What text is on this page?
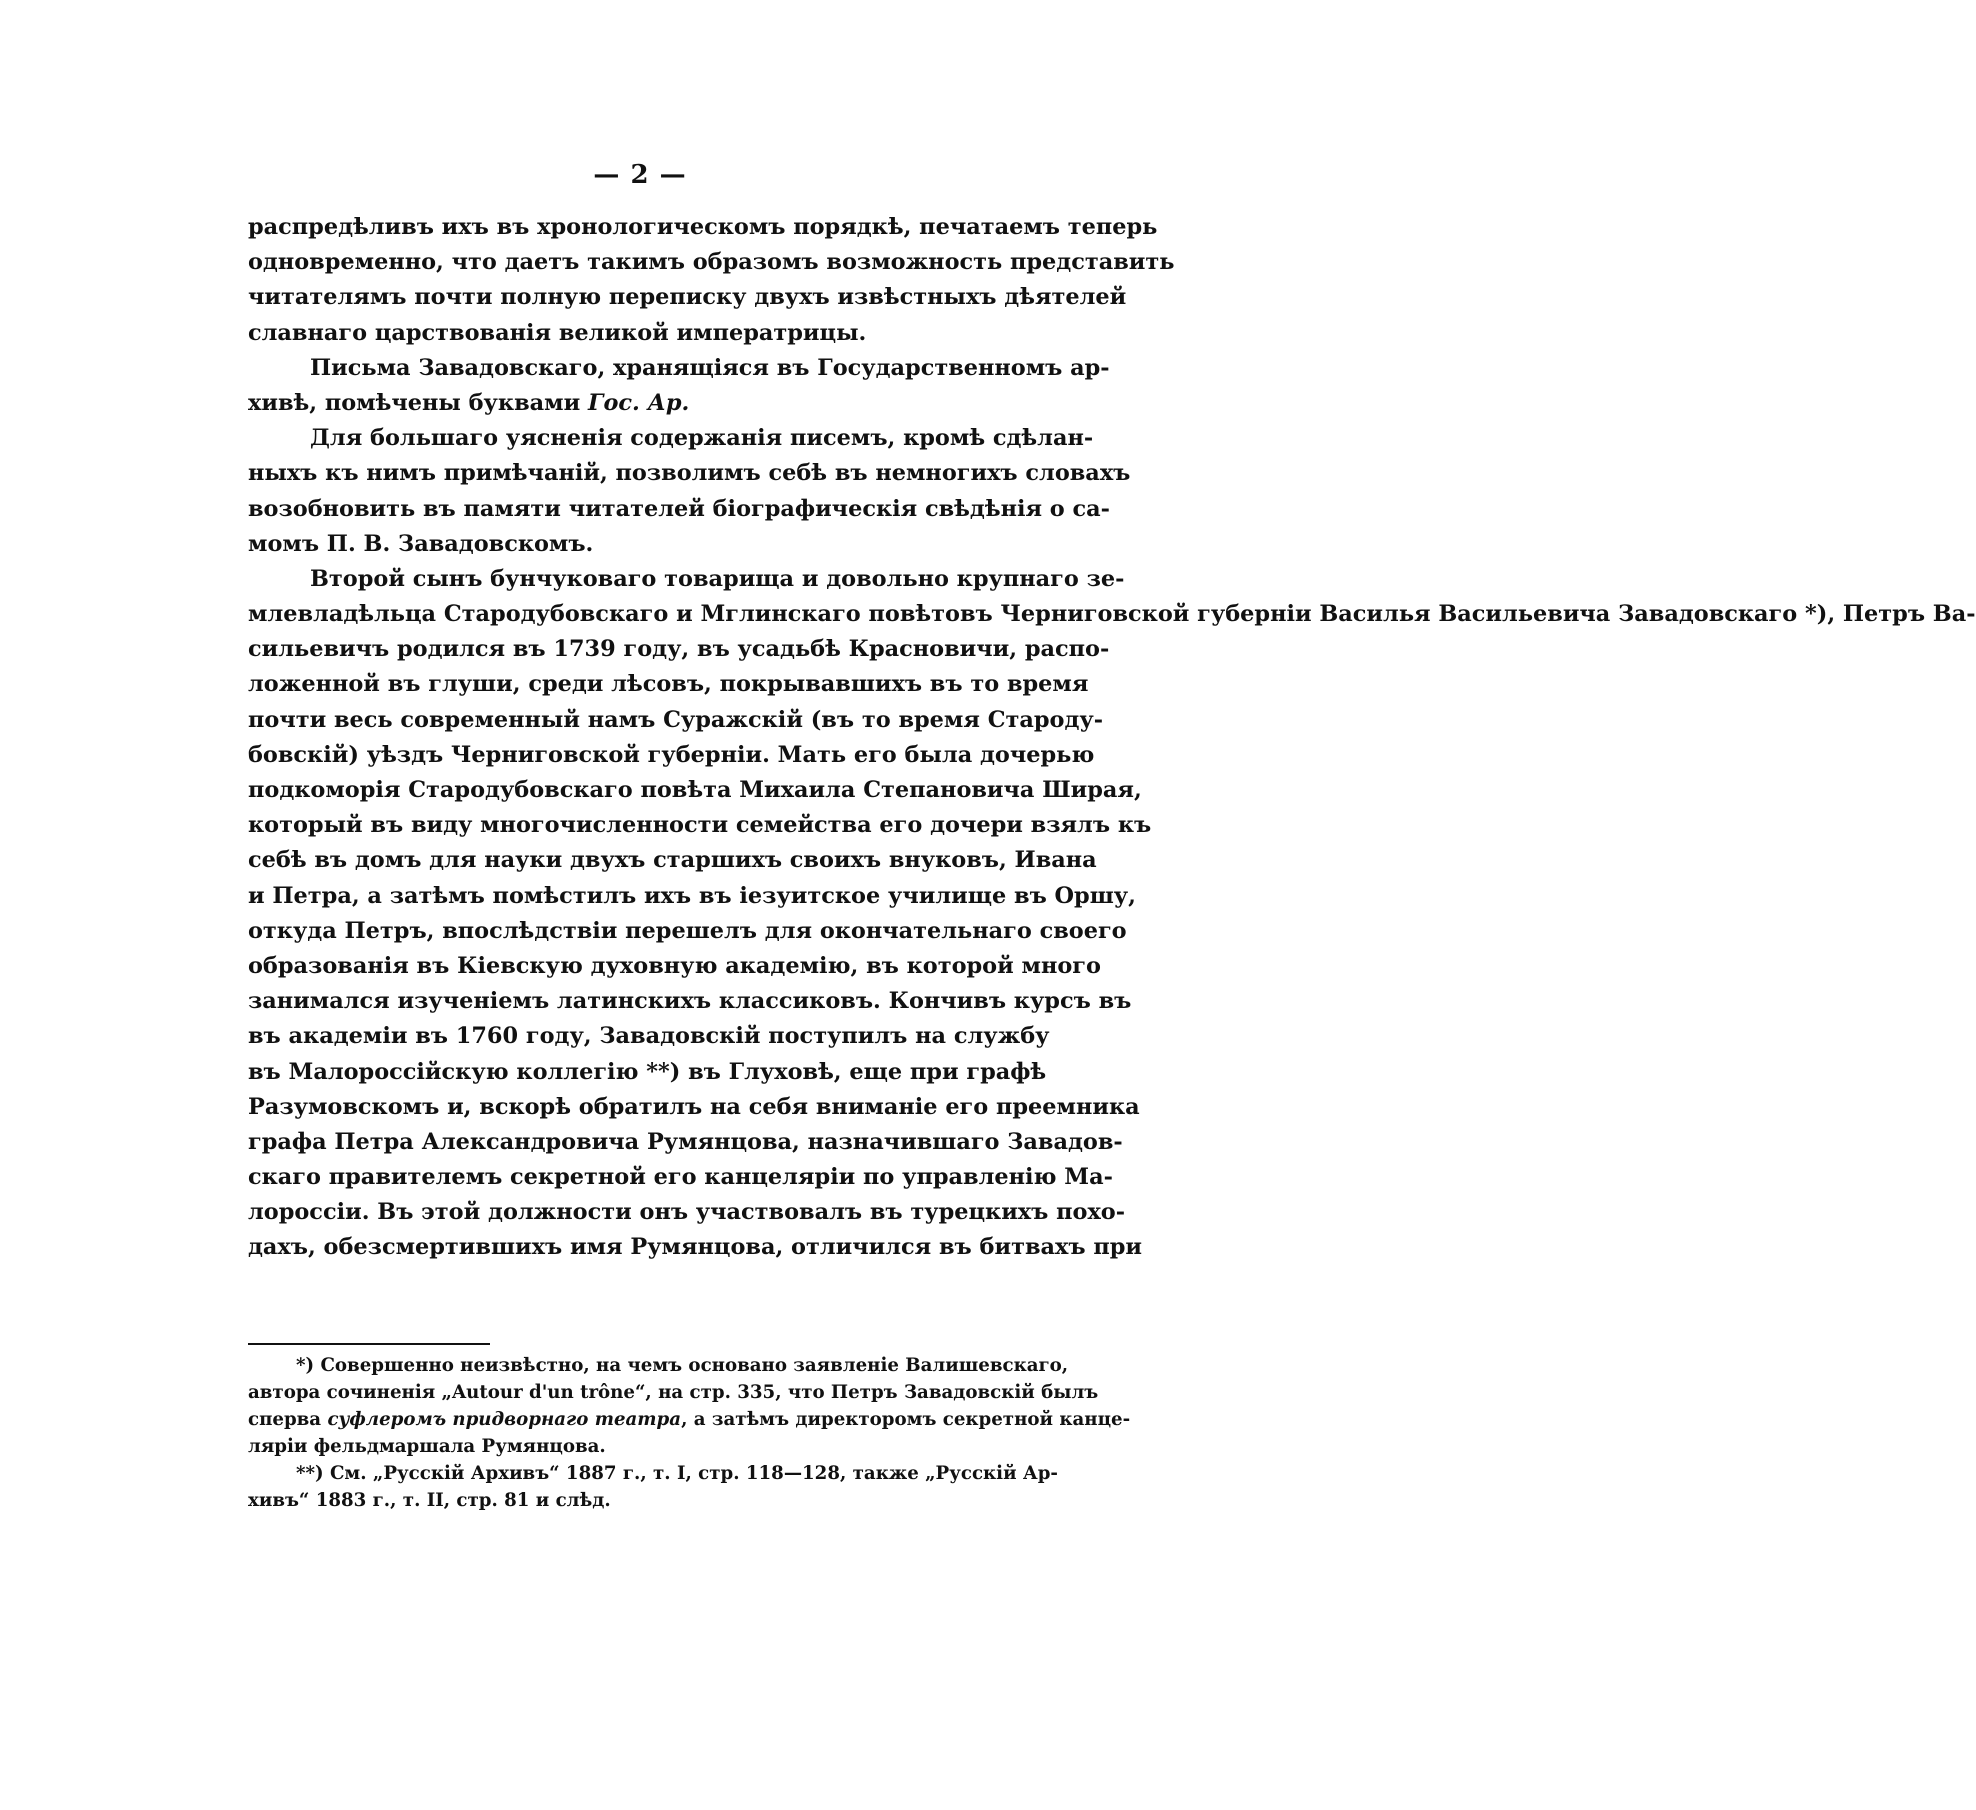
— 2 —
распредѣливъ ихъ въ хронологическомъ порядкѣ, печатаемъ теперь
одновременно, что даетъ такимъ образомъ возможность представить
читателямъ почти полную переписку двухъ извѣстныхъ дѣятелей
славнаго царствованія великой императрицы.
Письма Завадовскаго, хранящіяся въ Государственномъ ар-
хивѣ, помѣчены буквами Гос. Ар.
Для большаго уясненія содержанія писемъ, кромѣ сдѣлан-
ныхъ къ нимъ примѣчаній, позволимъ себѣ въ немногихъ словахъ
возобновить въ памяти читателей біографическія свѣдѣнія о са-
момъ П. В. Завадовскомъ.
Второй сынъ бунчуковаго товарища и довольно крупнаго зе-
млевладѣльца Стародубовскаго и Мглинскаго повѣтовъ Черниговской губерніи Василья Васильевича Завадовскаго *), Петръ Ва-
сильевичъ родился въ 1739 году, въ усадьбѣ Красновичи, распо-
ложенной въ глуши, среди лѣсовъ, покрывавшихъ въ то время
почти весь современный намъ Суражскій (въ то время Староду-
бовскій) уѣздъ Черниговской губерніи. Мать его была дочерью
подкоморія Стародубовскаго повѣта Михаила Степановича Ширая,
который въ виду многочисленности семейства его дочери взялъ къ
себѣ въ домъ для науки двухъ старшихъ своихъ внуковъ, Ивана
и Петра, а затѣмъ помѣстилъ ихъ въ іезуитское училище въ Оршу,
откуда Петръ, впослѣдствіи перешелъ для окончательнаго своего
образованія въ Кіевскую духовную академію, въ которой много
занимался изученіемъ латинскихъ классиковъ. Кончивъ курсъ въ
въ академіи въ 1760 году, Завадовскій поступилъ на службу
въ Малороссійскую коллегію **) въ Глуховѣ, еще при графѣ
Разумовскомъ и, вскорѣ обратилъ на себя вниманіе его преемника
графа Петра Александровича Румянцова, назначившаго Завадов-
скаго правителемъ секретной его канцеляріи по управленію Ма-
лороссіи. Въ этой должности онъ участвовалъ въ турецкихъ похо-
дахъ, обезсмертившихъ имя Румянцова, отличился въ битвахъ при
*) Совершенно неизвѣстно, на чемъ основано заявленіе Валишевскаго,
автора сочиненія „Autour d'un trône“, на стр. 335, что Петръ Завадовскій былъ
сперва суфлеромъ придворнаго театра, а затѣмъ директоромъ секретной канце-
ляріи фельдмаршала Румянцова.
**) См. „Русскій Архивъ“ 1887 г., т. I, стр. 118—128, также „Русскій Ар-
хивъ“ 1883 г., т. II, стр. 81 и слѣд.
